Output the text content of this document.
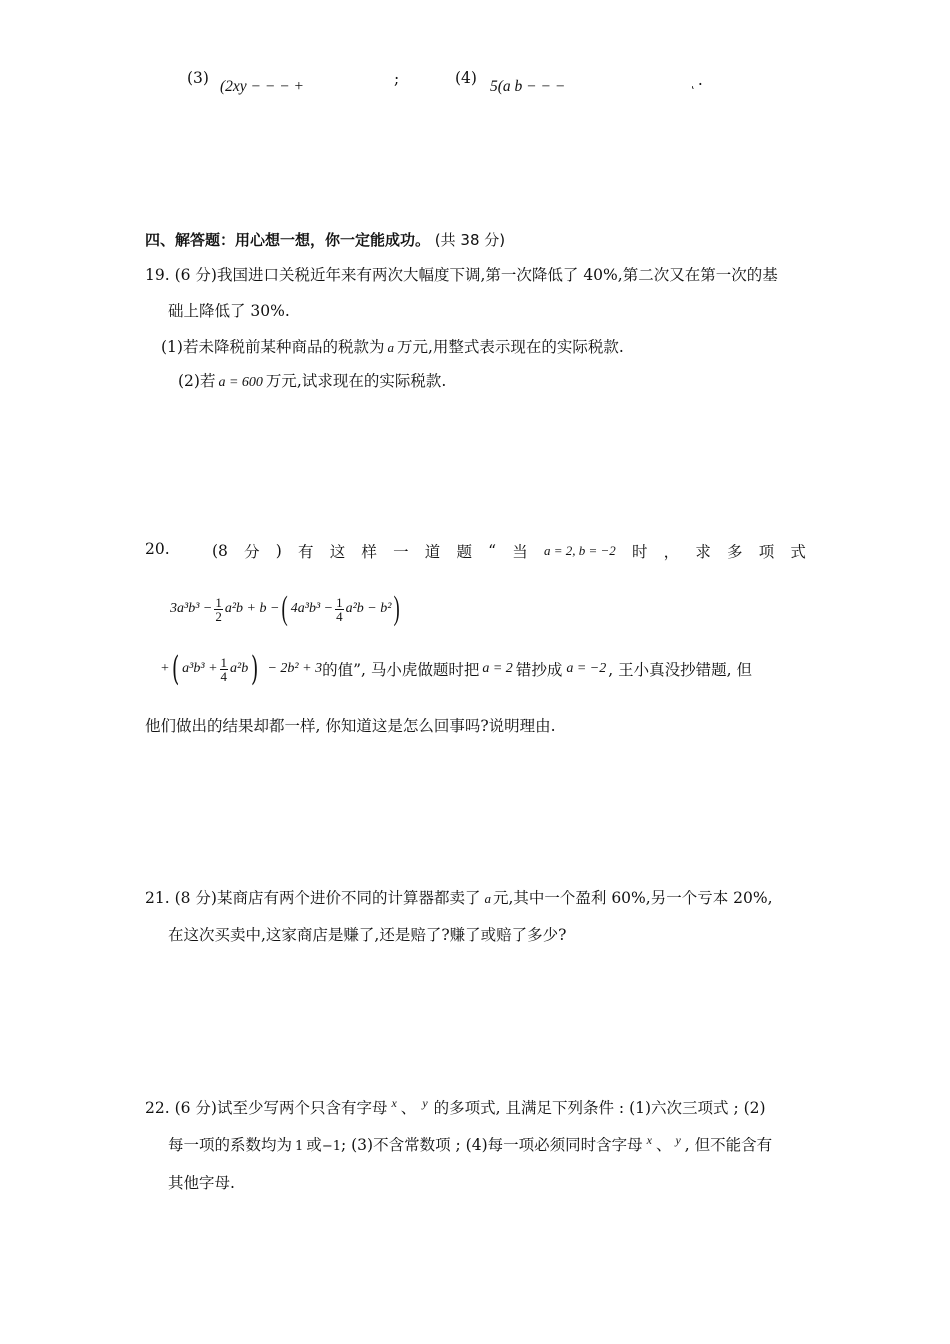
(3) (2xy − − − +	;	(4) 5(a b − − −	ͅ .
四、解答题：用心想一想，你一定能成功。 (共 38 分)
19. (6 分)我国进口关税近年来有两次大幅度下调,第一次降低了 40%,第二次又在第一次的基
础上降低了 30%.
(1)若未降税前某种商品的税款为 a 万元,用整式表示现在的实际税款.
(2)若 a = 600 万元,试求现在的实际税款.
20.	(8 分 ) 有 这 样 一 道 题 “ 当 a = 2, b = −2 时 ， 求 多 项 式
$3a^3b^3 - \frac{1}{2} a^2b + b$ − ( $4a^3b^3 - \frac{1}{4} a^2b - b^2$ )
+ ( $a^3b^3 + \frac{1}{4} a^2b$ ) − 2b² + 3 的值”, 马小虎做题时把 a = 2 错抄成 a = −2 , 王小真没抄错题, 但
他们做出的结果却都一样, 你知道这是怎么回事吗?说明理由.
21. (8 分)某商店有两个进价不同的计算器都卖了 a 元,其中一个盈利 60%,另一个亏本 20%,
在这次买卖中,这家商店是赚了,还是赔了?赚了或赔了多少?
22. (6 分)试至少写两个只含有字母 $^x$ 、 $^y$ 的多项式, 且满足下列条件 : (1)六次三项式 ; (2)
每一项的系数均为 1 或−1; (3)不含常数项 ; (4)每一项必须同时含字母 $^x$ 、 $^y$ , 但不能含有
其他字母.
